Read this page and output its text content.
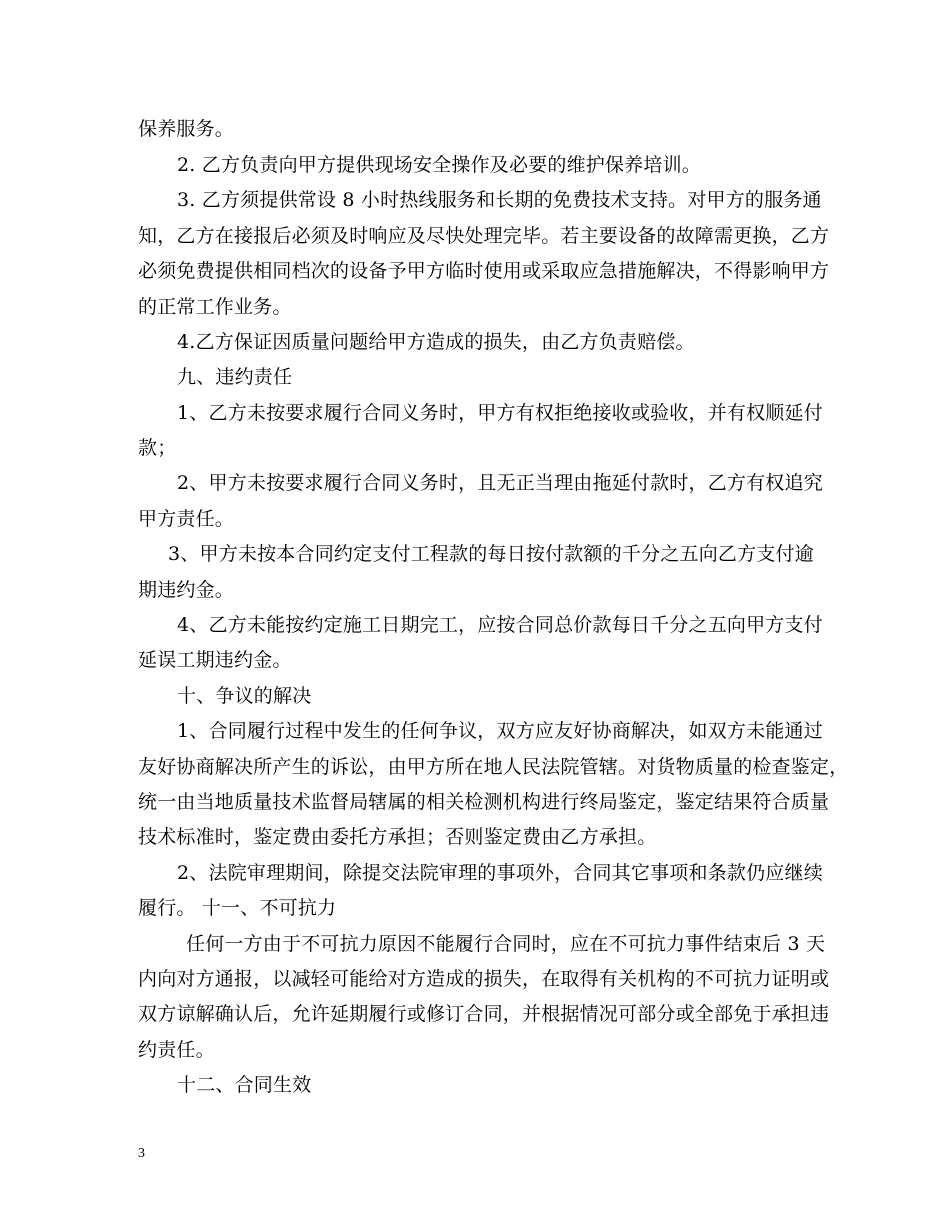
保养服务。
2. 乙方负责向甲方提供现场安全操作及必要的维护保养培训。
3. 乙方须提供常设 8 小时热线服务和长期的免费技术支持。对甲方的服务通
知，乙方在接报后必须及时响应及尽快处理完毕。若主要设备的故障需更换，乙方
必须免费提供相同档次的设备予甲方临时使用或采取应急措施解决，不得影响甲方
的正常工作业务。
4.乙方保证因质量问题给甲方造成的损失，由乙方负责赔偿。
九、违约责任
1、乙方未按要求履行合同义务时，甲方有权拒绝接收或验收，并有权顺延付
款；
2、甲方未按要求履行合同义务时，且无正当理由拖延付款时，乙方有权追究
甲方责任。
3、甲方未按本合同约定支付工程款的每日按付款额的千分之五向乙方支付逾
期违约金。
4、乙方未能按约定施工日期完工，应按合同总价款每日千分之五向甲方支付
延误工期违约金。
十、争议的解决
1、合同履行过程中发生的任何争议，双方应友好协商解决，如双方未能通过
友好协商解决所产生的诉讼，由甲方所在地人民法院管辖。对货物质量的检查鉴定，
统一由当地质量技术监督局辖属的相关检测机构进行终局鉴定，鉴定结果符合质量
技术标准时，鉴定费由委托方承担；否则鉴定费由乙方承担。
2、法院审理期间，除提交法院审理的事项外，合同其它事项和条款仍应继续
履行。 十一、不可抗力
任何一方由于不可抗力原因不能履行合同时，应在不可抗力事件结束后 3 天
内向对方通报，以减轻可能给对方造成的损失，在取得有关机构的不可抗力证明或
双方谅解确认后，允许延期履行或修订合同，并根据情况可部分或全部免于承担违
约责任。
十二、合同生效
3
